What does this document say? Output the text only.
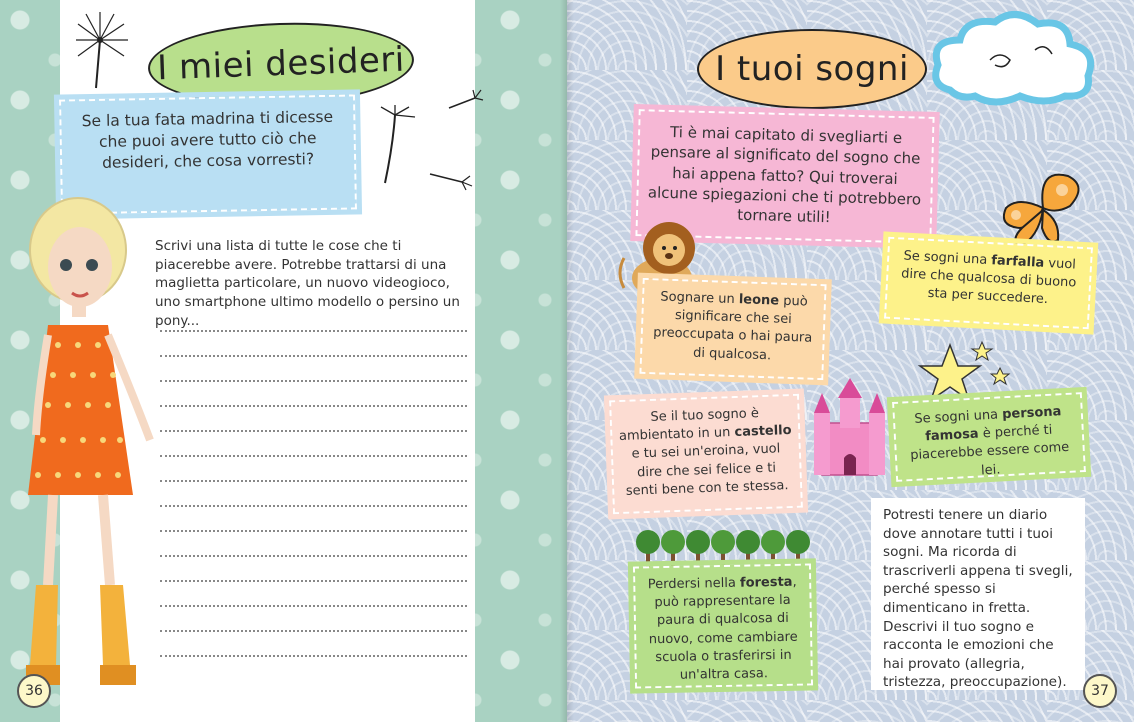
I miei desideri
Se la tua fata madrina ti dicesse che puoi avere tutto ciò che desideri, che cosa vorresti?
Scrivi una lista di tutte le cose che ti piacerebbe avere. Potrebbe trattarsi di una maglietta particolare, un nuovo videogioco, uno smartphone ultimo modello o persino un pony...
I tuoi sogni
Ti è mai capitato di svegliarti e pensare al significato del sogno che hai appena fatto? Qui troverai alcune spiegazioni che ti potrebbero tornare utili!
Se sogni una farfalla vuol dire che qualcosa di buono sta per succedere.
Sognare un leone può significare che sei preoccupata o hai paura di qualcosa.
Se il tuo sogno è ambientato in un castello e tu sei un'eroina, vuol dire che sei felice e ti senti bene con te stessa.
Se sogni una persona famosa è perché ti piacerebbe essere come lei.
Perdersi nella foresta, può rappresentare la paura di qualcosa di nuovo, come cambiare scuola o trasferirsi in un'altra casa.
Potresti tenere un diario dove annotare tutti i tuoi sogni. Ma ricorda di trascriverli appena ti svegli, perché spesso si dimenticano in fretta. Descrivi il tuo sogno e racconta le emozioni che hai provato (allegria, tristezza, preoccupazione).
36	37
